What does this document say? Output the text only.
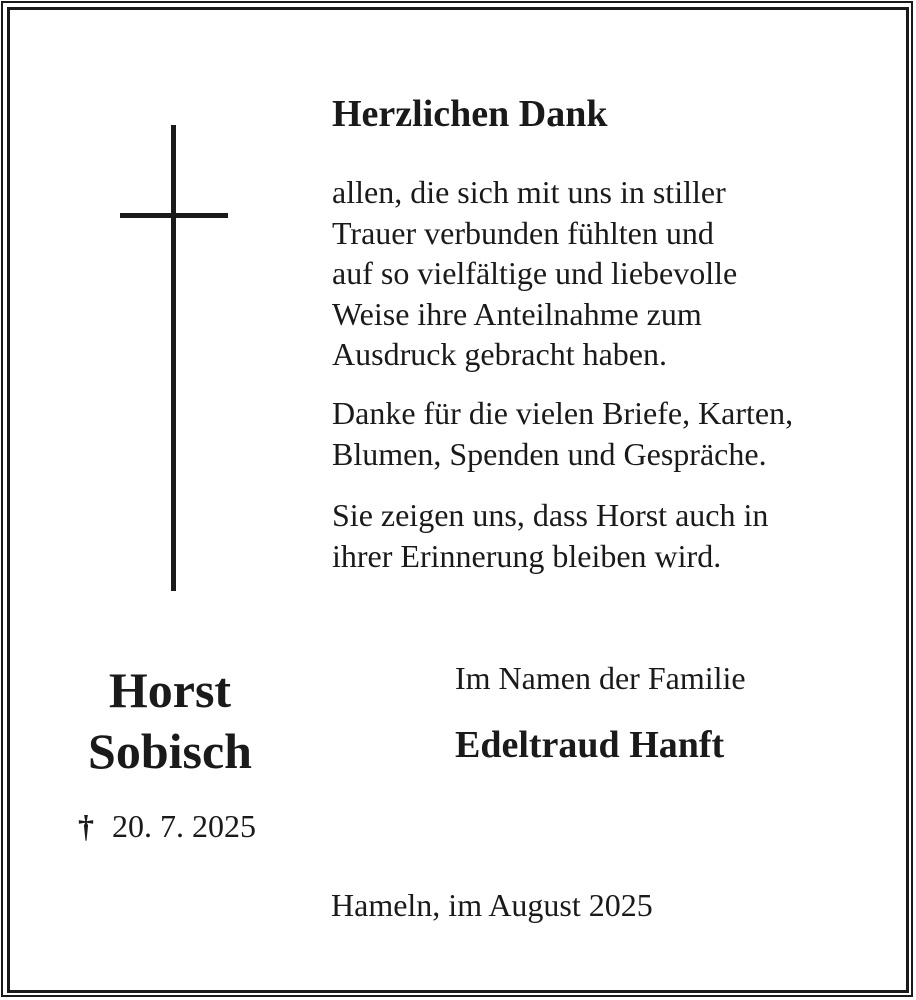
Herzlichen Dank
allen, die sich mit uns in stiller
Trauer verbunden fühlten und
auf so vielfältige und liebevolle
Weise ihre Anteilnahme zum
Ausdruck gebracht haben.
Danke für die vielen Briefe, Karten,
Blumen, Spenden und Gespräche.
Sie zeigen uns, dass Horst auch in
ihrer Erinnerung bleiben wird.
Horst
Sobisch
† 20. 7. 2025
Im Namen der Familie
Edeltraud Hanft
Hameln, im August 2025
